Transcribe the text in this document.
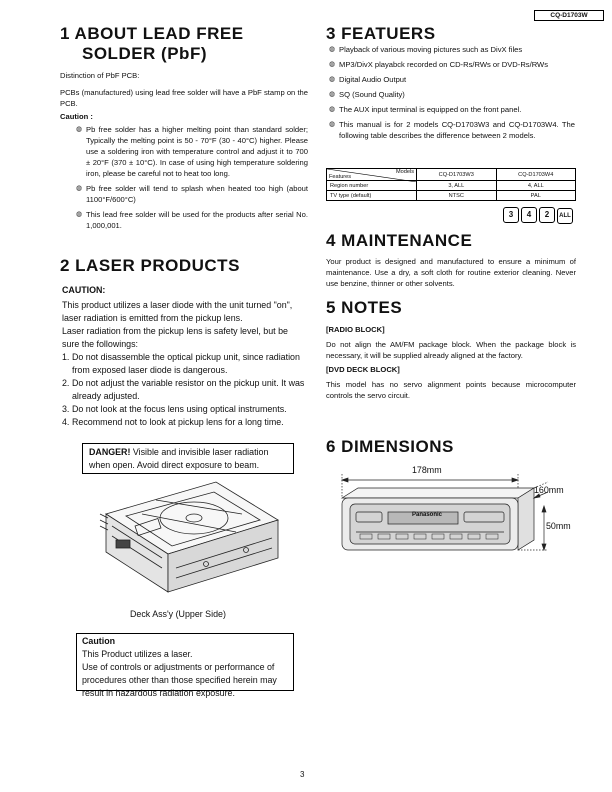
CQ-D1703W
1 ABOUT LEAD FREE
SOLDER (PbF)

Distinction of PbF PCB:

PCBs (manufactured) using lead free solder will have a PbF stamp on the PCB.

Caution :

◍ Pb free solder has a higher melting point than standard solder; Typically the melting point is 50 - 70°F (30 - 40°C) higher. Please use a soldering iron with temperature control and adjust it to 700 ± 20°F (370 ± 10°C). In case of using high temperature soldering iron, please be careful not to heat too long.
◍ Pb free solder will tend to splash when heated too high (about 1100°F/600°C)
◍ This lead free solder will be used for the products after serial No. 1,000,001.
2 LASER PRODUCTS

CAUTION:

This product utilizes a laser diode with the unit turned "on", laser radiation is emitted from the pickup lens.

Laser radiation from the pickup lens is safety level, but be sure the followings:

1. Do not disassemble the optical pickup unit, since radiation from exposed laser diode is dangerous.
2. Do not adjust the variable resistor on the pickup unit. It was already adjusted.
3. Do not look at the focus lens using optical instruments.
4. Recommend not to look at pickup lens for a long time.
DANGER! Visible and invisible laser radiation when open. Avoid direct exposure to beam.
Deck Ass'y (Upper Side)

Caution

This Product utilizes a laser.

Use of controls or adjustments or performance of procedures other than those specified herein may result in hazardous radiation exposure.

3 FEATUERS
◍ Playback of various moving pictures such as DivX files
◍ MP3/DivX playabck recorded on CD-Rs/RWs or DVD-Rs/RWs
◍ Digital Audio Output
◍ SQ (Sound Quality)
◍ The AUX input terminal is equipped on the front panel.
◍ This manual is for 2 models CQ-D1703W3 and CQ-D1703W4. The following table describes the difference between 2 models.
Models
Features	CQ-D1703W3	CQ-D1703W4
Region number	3, ALL	4, ALL
TV type (default)	NTSC	PAL
3 4 2 ALL
4 MAINTENANCE

Your product is designed and manufactured to ensure a minimum of maintenance. Use a dry, a soft cloth for routine exterior cleaning. Never use benzine, thinner or other solvents.

5 NOTES

[RADIO BLOCK]

Do not align the AM/FM package block. When the package block is necessary, it will be supplied already aligned at the factory.

[DVD DECK BLOCK]

This model has no servo alignment points because microcomputer controls the servo circuit.

6 DIMENSIONS
178mm
160mm
50mm
Panasonic
3
